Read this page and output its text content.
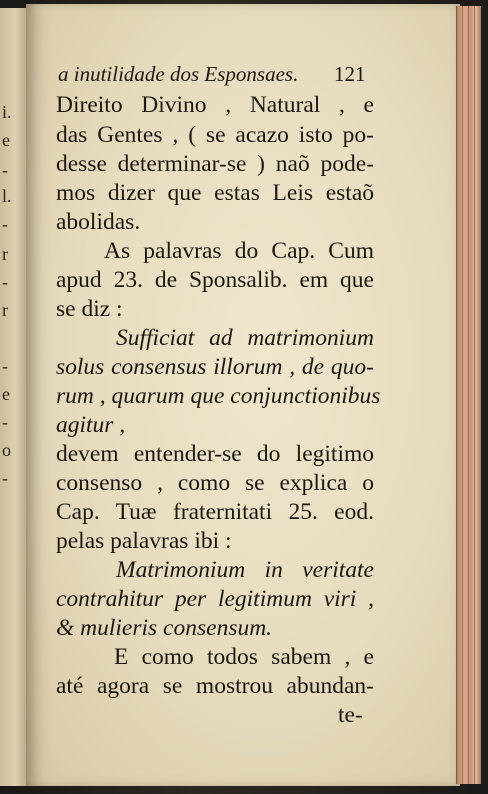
i.
e
-
l.
-
r
-
r
-
e
-
o
-
a inutilidade dos Esponsaes.	121
Direito Divino , Natural , e
das Gentes , ( se acazo isto po-
desse determinar-se ) naõ pode-
mos dizer que estas Leis estaõ
abolidas.
As palavras do Cap. Cum
apud 23. de Sponsalib. em que
se diz :
Sufficiat ad matrimonium
solus consensus illorum , de quo-
rum , quarum que conjunctionibus
agitur ,
devem entender-se do legitimo
consenso , como se explica o
Cap. Tuæ fraternitati 25. eod.
pelas palavras ibi :
Matrimonium in veritate
contrahitur per legitimum viri ,
& mulieris consensum.
E como todos sabem , e
até agora se mostrou abundan-
te-
